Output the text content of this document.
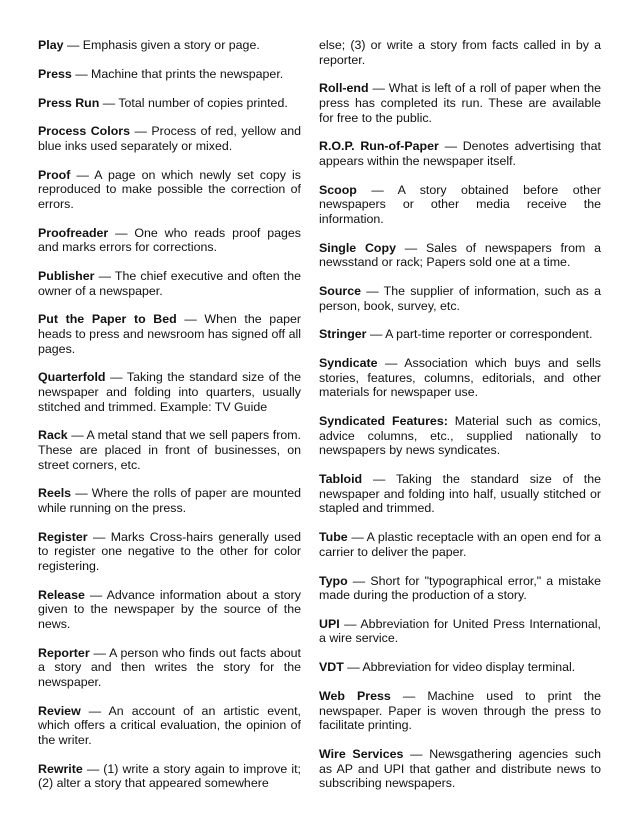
Play — Emphasis given a story or page.

Press — Machine that prints the newspaper.

Press Run — Total number of copies printed.

Process Colors — Process of red, yellow and blue inks used separately or mixed.

Proof — A page on which newly set copy is reproduced to make possible the correction of errors.

Proofreader — One who reads proof pages and marks errors for corrections.

Publisher — The chief executive and often the owner of a newspaper.

Put the Paper to Bed — When the paper heads to press and newsroom has signed off all pages.

Quarterfold — Taking the standard size of the newspaper and folding into quarters, usually stitched and trimmed. Example: TV Guide

Rack — A metal stand that we sell papers from. These are placed in front of businesses, on street corners, etc.

Reels — Where the rolls of paper are mounted while running on the press.

Register — Marks Cross-hairs generally used to register one negative to the other for color registering.

Release — Advance information about a story given to the newspaper by the source of the news.

Reporter — A person who finds out facts about a story and then writes the story for the newspaper.

Review — An account of an artistic event, which offers a critical evaluation, the opinion of the writer.

Rewrite — (1) write a story again to improve it; (2) alter a story that appeared somewhere

else; (3) or write a story from facts called in by a reporter.

Roll-end — What is left of a roll of paper when the press has completed its run. These are available for free to the public.

R.O.P. Run-of-Paper — Denotes advertising that appears within the newspaper itself.

Scoop — A story obtained before other newspapers or other media receive the information.

Single Copy — Sales of newspapers from a newsstand or rack; Papers sold one at a time.

Source — The supplier of information, such as a person, book, survey, etc.

Stringer — A part-time reporter or correspondent.

Syndicate — Association which buys and sells stories, features, columns, editorials, and other materials for newspaper use.

Syndicated Features: Material such as comics, advice columns, etc., supplied nationally to newspapers by news syndicates.

Tabloid — Taking the standard size of the newspaper and folding into half, usually stitched or stapled and trimmed.

Tube — A plastic receptacle with an open end for a carrier to deliver the paper.

Typo — Short for "typographical error," a mistake made during the production of a story.

UPI — Abbreviation for United Press International, a wire service.

VDT — Abbreviation for video display terminal.

Web Press — Machine used to print the newspaper. Paper is woven through the press to facilitate printing.

Wire Services — Newsgathering agencies such as AP and UPI that gather and distribute news to subscribing newspapers.
